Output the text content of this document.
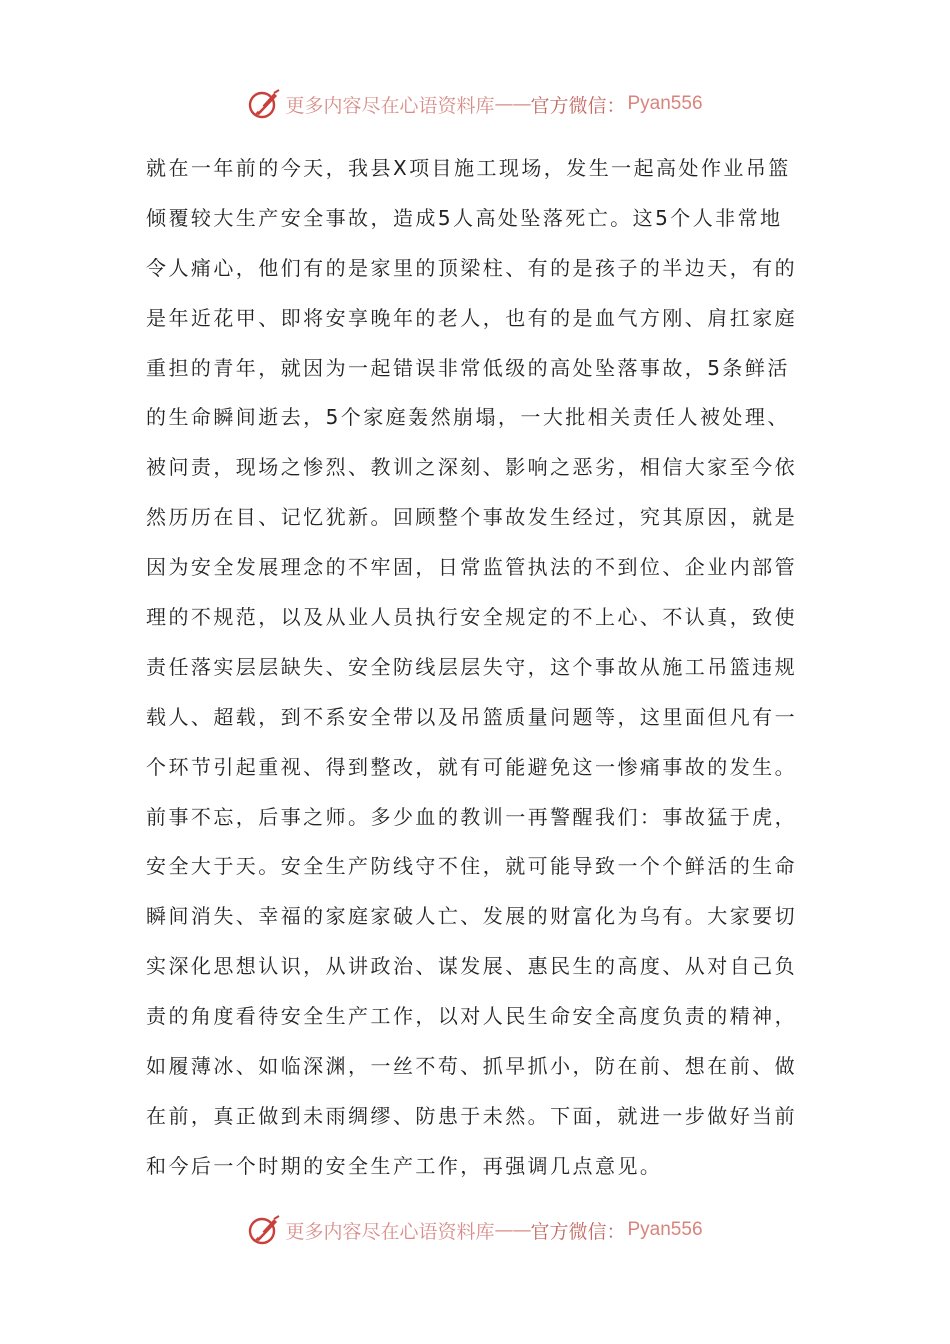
更多内容尽在心语资料库 —— 官方微信： Pyan556
就在一年前的今天，我县X项目施工现场，发生一起高处作业吊篮
倾覆较大生产安全事故，造成5人高处坠落死亡。这5个人非常地
令人痛心，他们有的是家里的顶梁柱、有的是孩子的半边天，有的
是年近花甲、即将安享晚年的老人，也有的是血气方刚、肩扛家庭
重担的青年，就因为一起错误非常低级的高处坠落事故，5条鲜活
的生命瞬间逝去，5个家庭轰然崩塌，一大批相关责任人被处理、
被问责，现场之惨烈、教训之深刻、影响之恶劣，相信大家至今依
然历历在目、记忆犹新。回顾整个事故发生经过，究其原因，就是
因为安全发展理念的不牢固，日常监管执法的不到位、企业内部管
理的不规范，以及从业人员执行安全规定的不上心、不认真，致使
责任落实层层缺失、安全防线层层失守，这个事故从施工吊篮违规
载人、超载，到不系安全带以及吊篮质量问题等，这里面但凡有一
个环节引起重视、得到整改，就有可能避免这一惨痛事故的发生。
前事不忘，后事之师。多少血的教训一再警醒我们：事故猛于虎，
安全大于天。安全生产防线守不住，就可能导致一个个鲜活的生命
瞬间消失、幸福的家庭家破人亡、发展的财富化为乌有。大家要切
实深化思想认识，从讲政治、谋发展、惠民生的高度、从对自己负
责的角度看待安全生产工作，以对人民生命安全高度负责的精神，
如履薄冰、如临深渊，一丝不苟、抓早抓小，防在前、想在前、做
在前，真正做到未雨绸缪、防患于未然。下面，就进一步做好当前
和今后一个时期的安全生产工作，再强调几点意见。
更多内容尽在心语资料库 —— 官方微信： Pyan556
